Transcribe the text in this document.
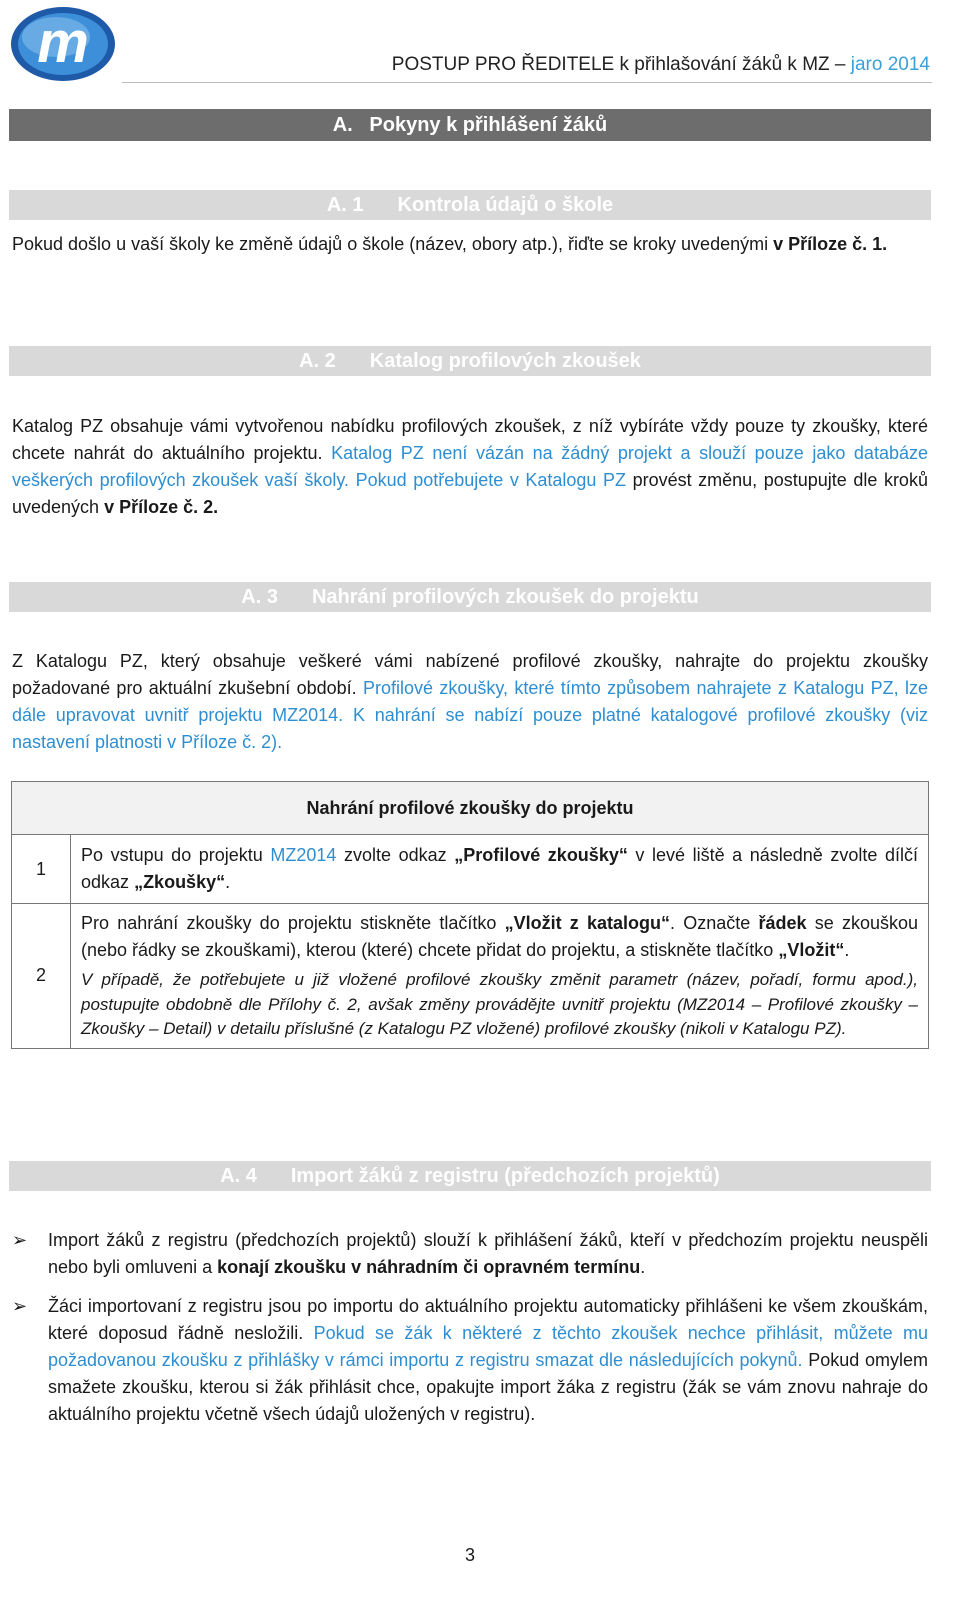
m	POSTUP PRO ŘEDITELE k přihlašování žáků k MZ – jaro 2014
A.   Pokyny k přihlášení žáků
A. 1 Kontrola údajů o škole

Pokud došlo u vaší školy ke změně údajů o škole (název, obory atp.), řiďte se kroky uvedenými v Příloze č. 1.

A. 2 Katalog profilových zkoušek

Katalog PZ obsahuje vámi vytvořenou nabídku profilových zkoušek, z níž vybíráte vždy pouze ty zkoušky, které chcete nahrát do aktuálního projektu. Katalog PZ není vázán na žádný projekt a slouží pouze jako databáze veškerých profilových zkoušek vaší školy. Pokud potřebujete v Katalogu PZ provést změnu, postupujte dle kroků uvedených v Příloze č. 2.

A. 3 Nahrání profilových zkoušek do projektu

Z Katalogu PZ, který obsahuje veškeré vámi nabízené profilové zkoušky, nahrajte do projektu zkoušky požadované pro aktuální zkušební období. Profilové zkoušky, které tímto způsobem nahrajete z Katalogu PZ, lze dále upravovat uvnitř projektu MZ2014. K nahrání se nabízí pouze platné katalogové profilové zkoušky (viz nastavení platnosti v Příloze č. 2).

Nahrání profilové zkoušky do projektu	
1	Po vstupu do projektu MZ2014 zvolte odkaz „Profilové zkoušky“ v levé liště a následně zvolte dílčí odkaz „Zkoušky“.
2	Pro nahrání zkoušky do projektu stiskněte tlačítko „Vložit z katalogu“. Označte řádek se zkouškou (nebo řádky se zkouškami), kterou (které) chcete přidat do projektu, a stiskněte tlačítko „Vložit“.
V případě, že potřebujete u již vložené profilové zkoušky změnit parametr (název, pořadí, formu apod.), postupujte obdobně dle Přílohy č. 2, avšak změny provádějte uvnitř projektu (MZ2014 – Profilové zkoušky – Zkoušky – Detail) v detailu příslušné (z Katalogu PZ vložené) profilové zkoušky (nikoli v Katalogu PZ).
A. 4 Import žáků z registru (předchozích projektů)
➢ Import žáků z registru (předchozích projektů) slouží k přihlášení žáků, kteří v předchozím projektu neuspěli nebo byli omluveni a konají zkoušku v náhradním či opravném termínu.
➢ Žáci importovaní z registru jsou po importu do aktuálního projektu automaticky přihlášeni ke všem zkouškám, které doposud řádně nesložili. Pokud se žák k některé z těchto zkoušek nechce přihlásit, můžete mu požadovanou zkoušku z přihlášky v rámci importu z registru smazat dle následujících pokynů. Pokud omylem smažete zkoušku, kterou si žák přihlásit chce, opakujte import žáka z registru (žák se vám znovu nahraje do aktuálního projektu včetně všech údajů uložených v registru).
3
